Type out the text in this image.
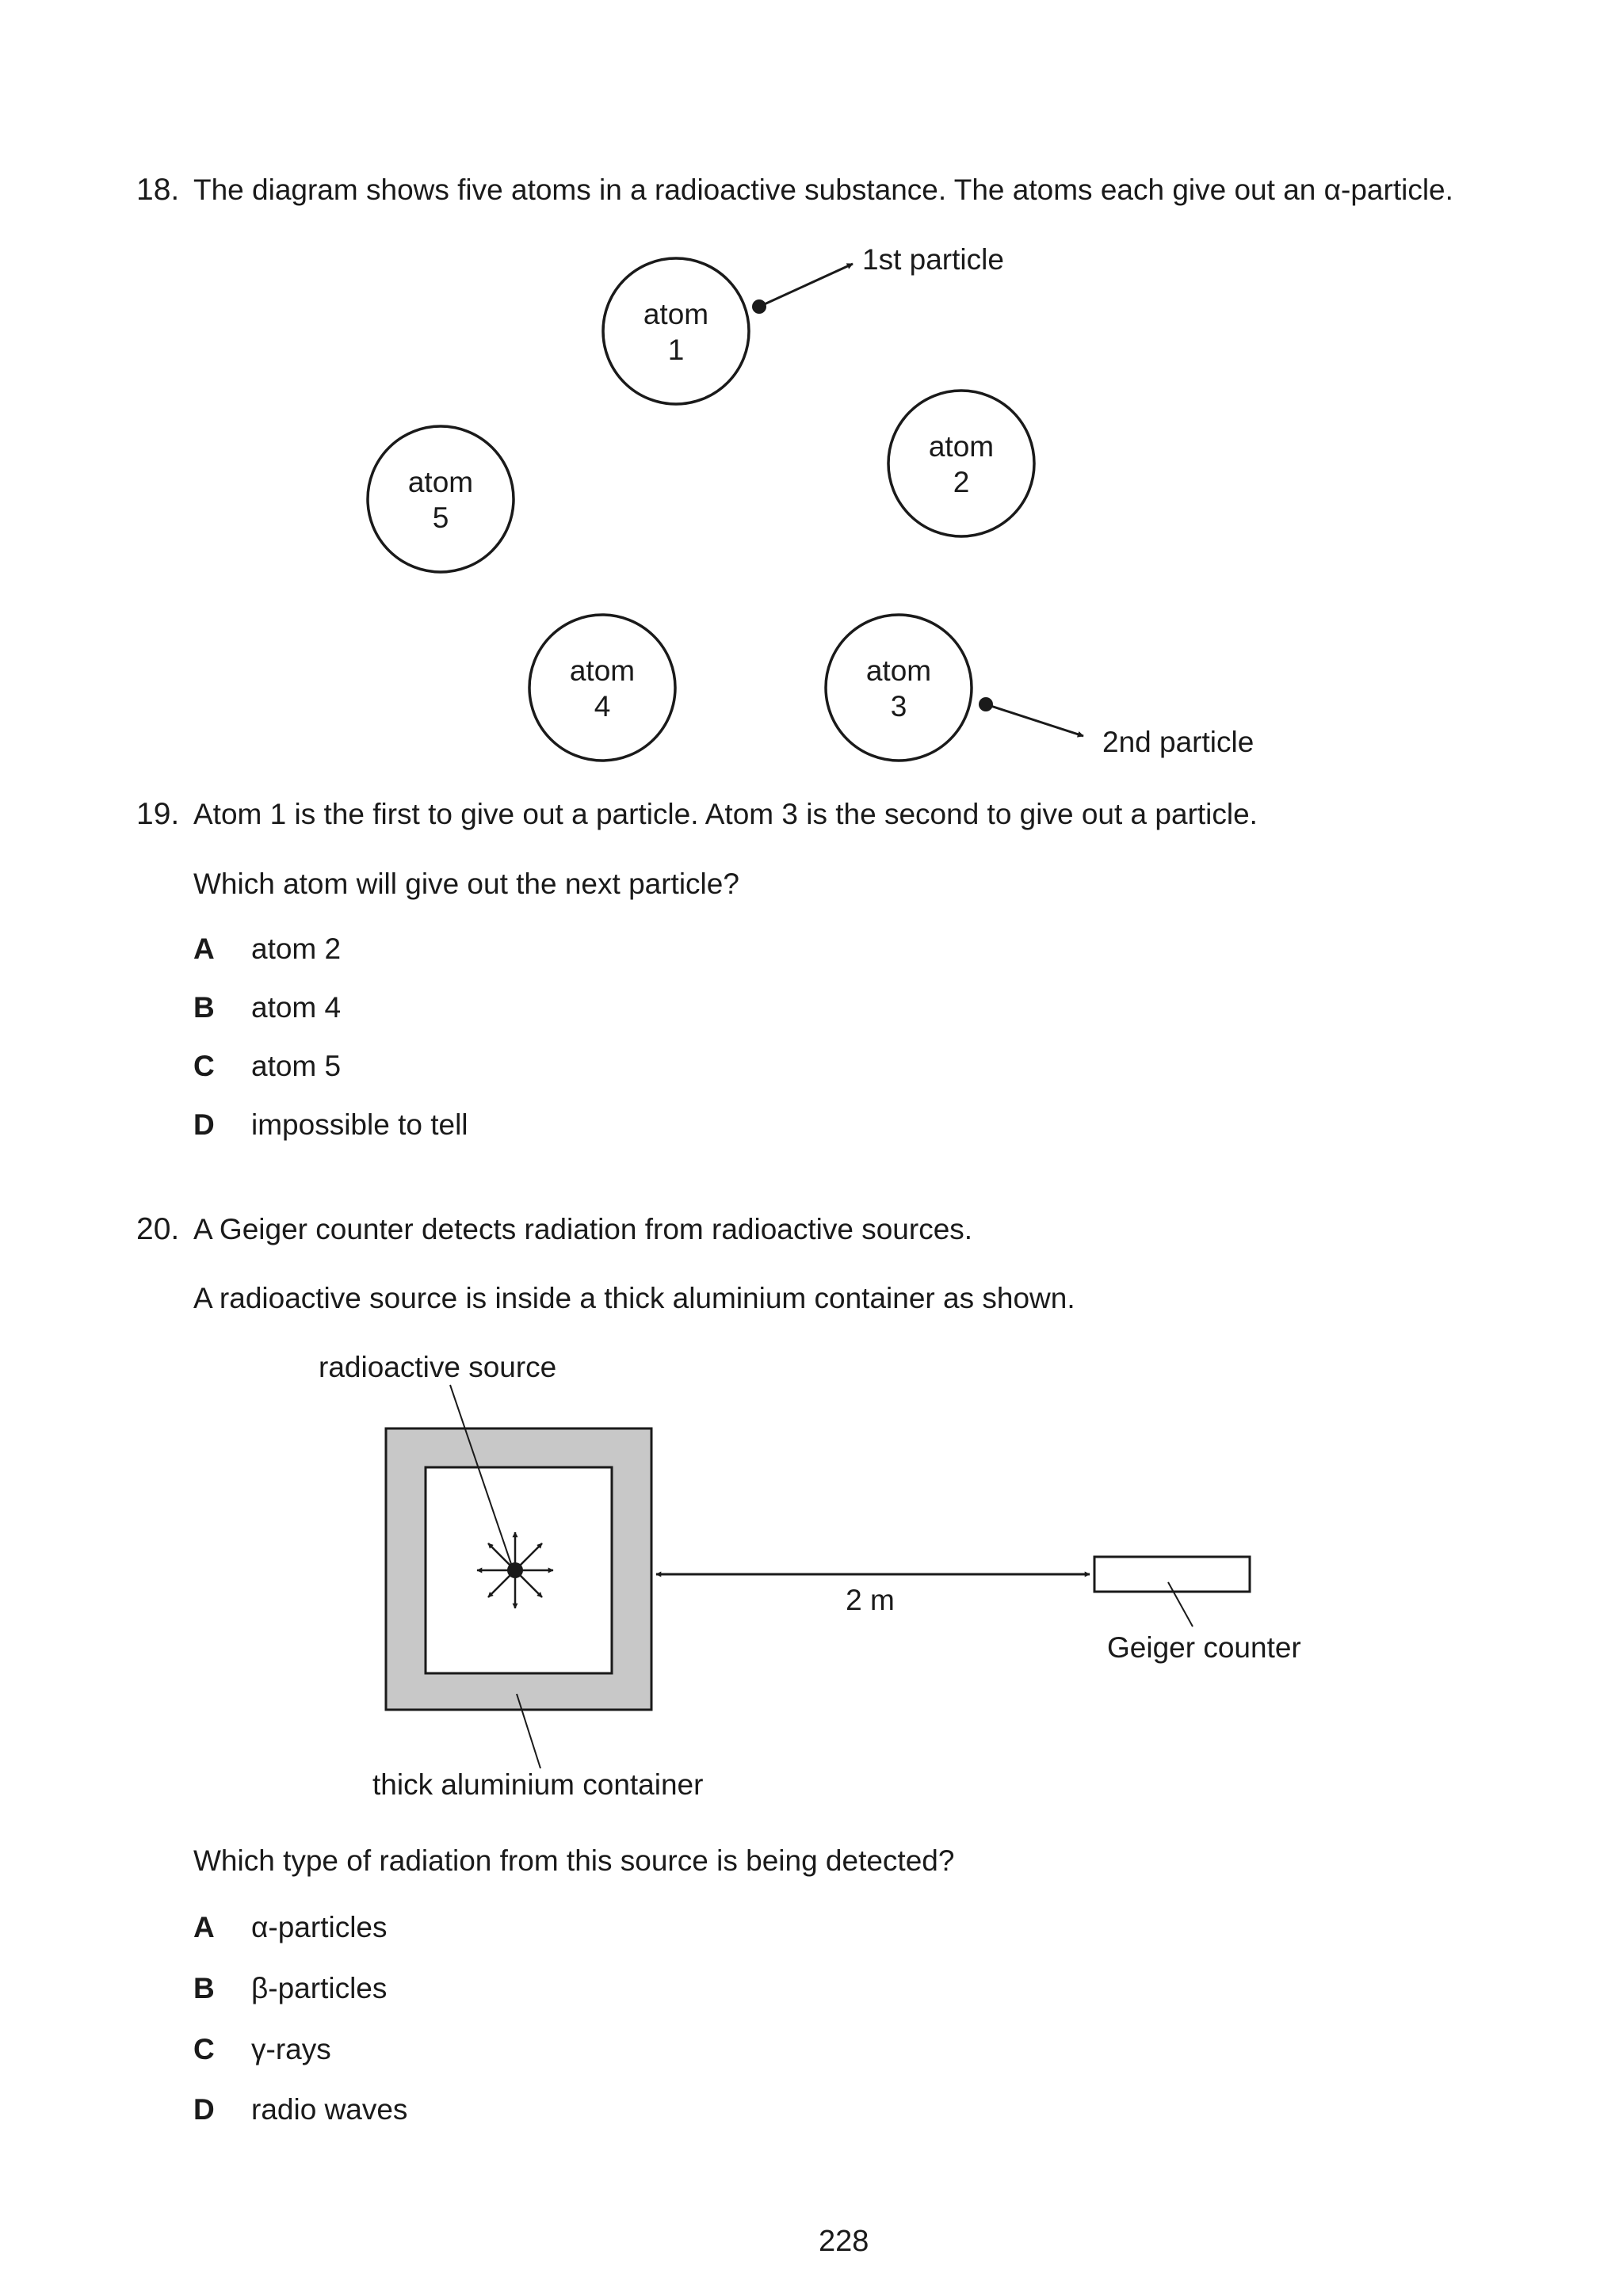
18. The diagram shows five atoms in a radioactive substance. The atoms each give out an α-particle.
atom
1
atom
2
atom
3
atom
4
atom
5
1st particle
2nd particle
19. Atom 1 is the first to give out a particle. Atom 3 is the second to give out a particle.
Which atom will give out the next particle?
A atom 2
B atom 4
C atom 5
D impossible to tell
20. A Geiger counter detects radiation from radioactive sources.
A radioactive source is inside a thick aluminium container as shown.
radioactive source
2 m
Geiger counter
thick aluminium container
Which type of radiation from this source is being detected?
A α-particles
B β-particles
C γ-rays
D radio waves
228
